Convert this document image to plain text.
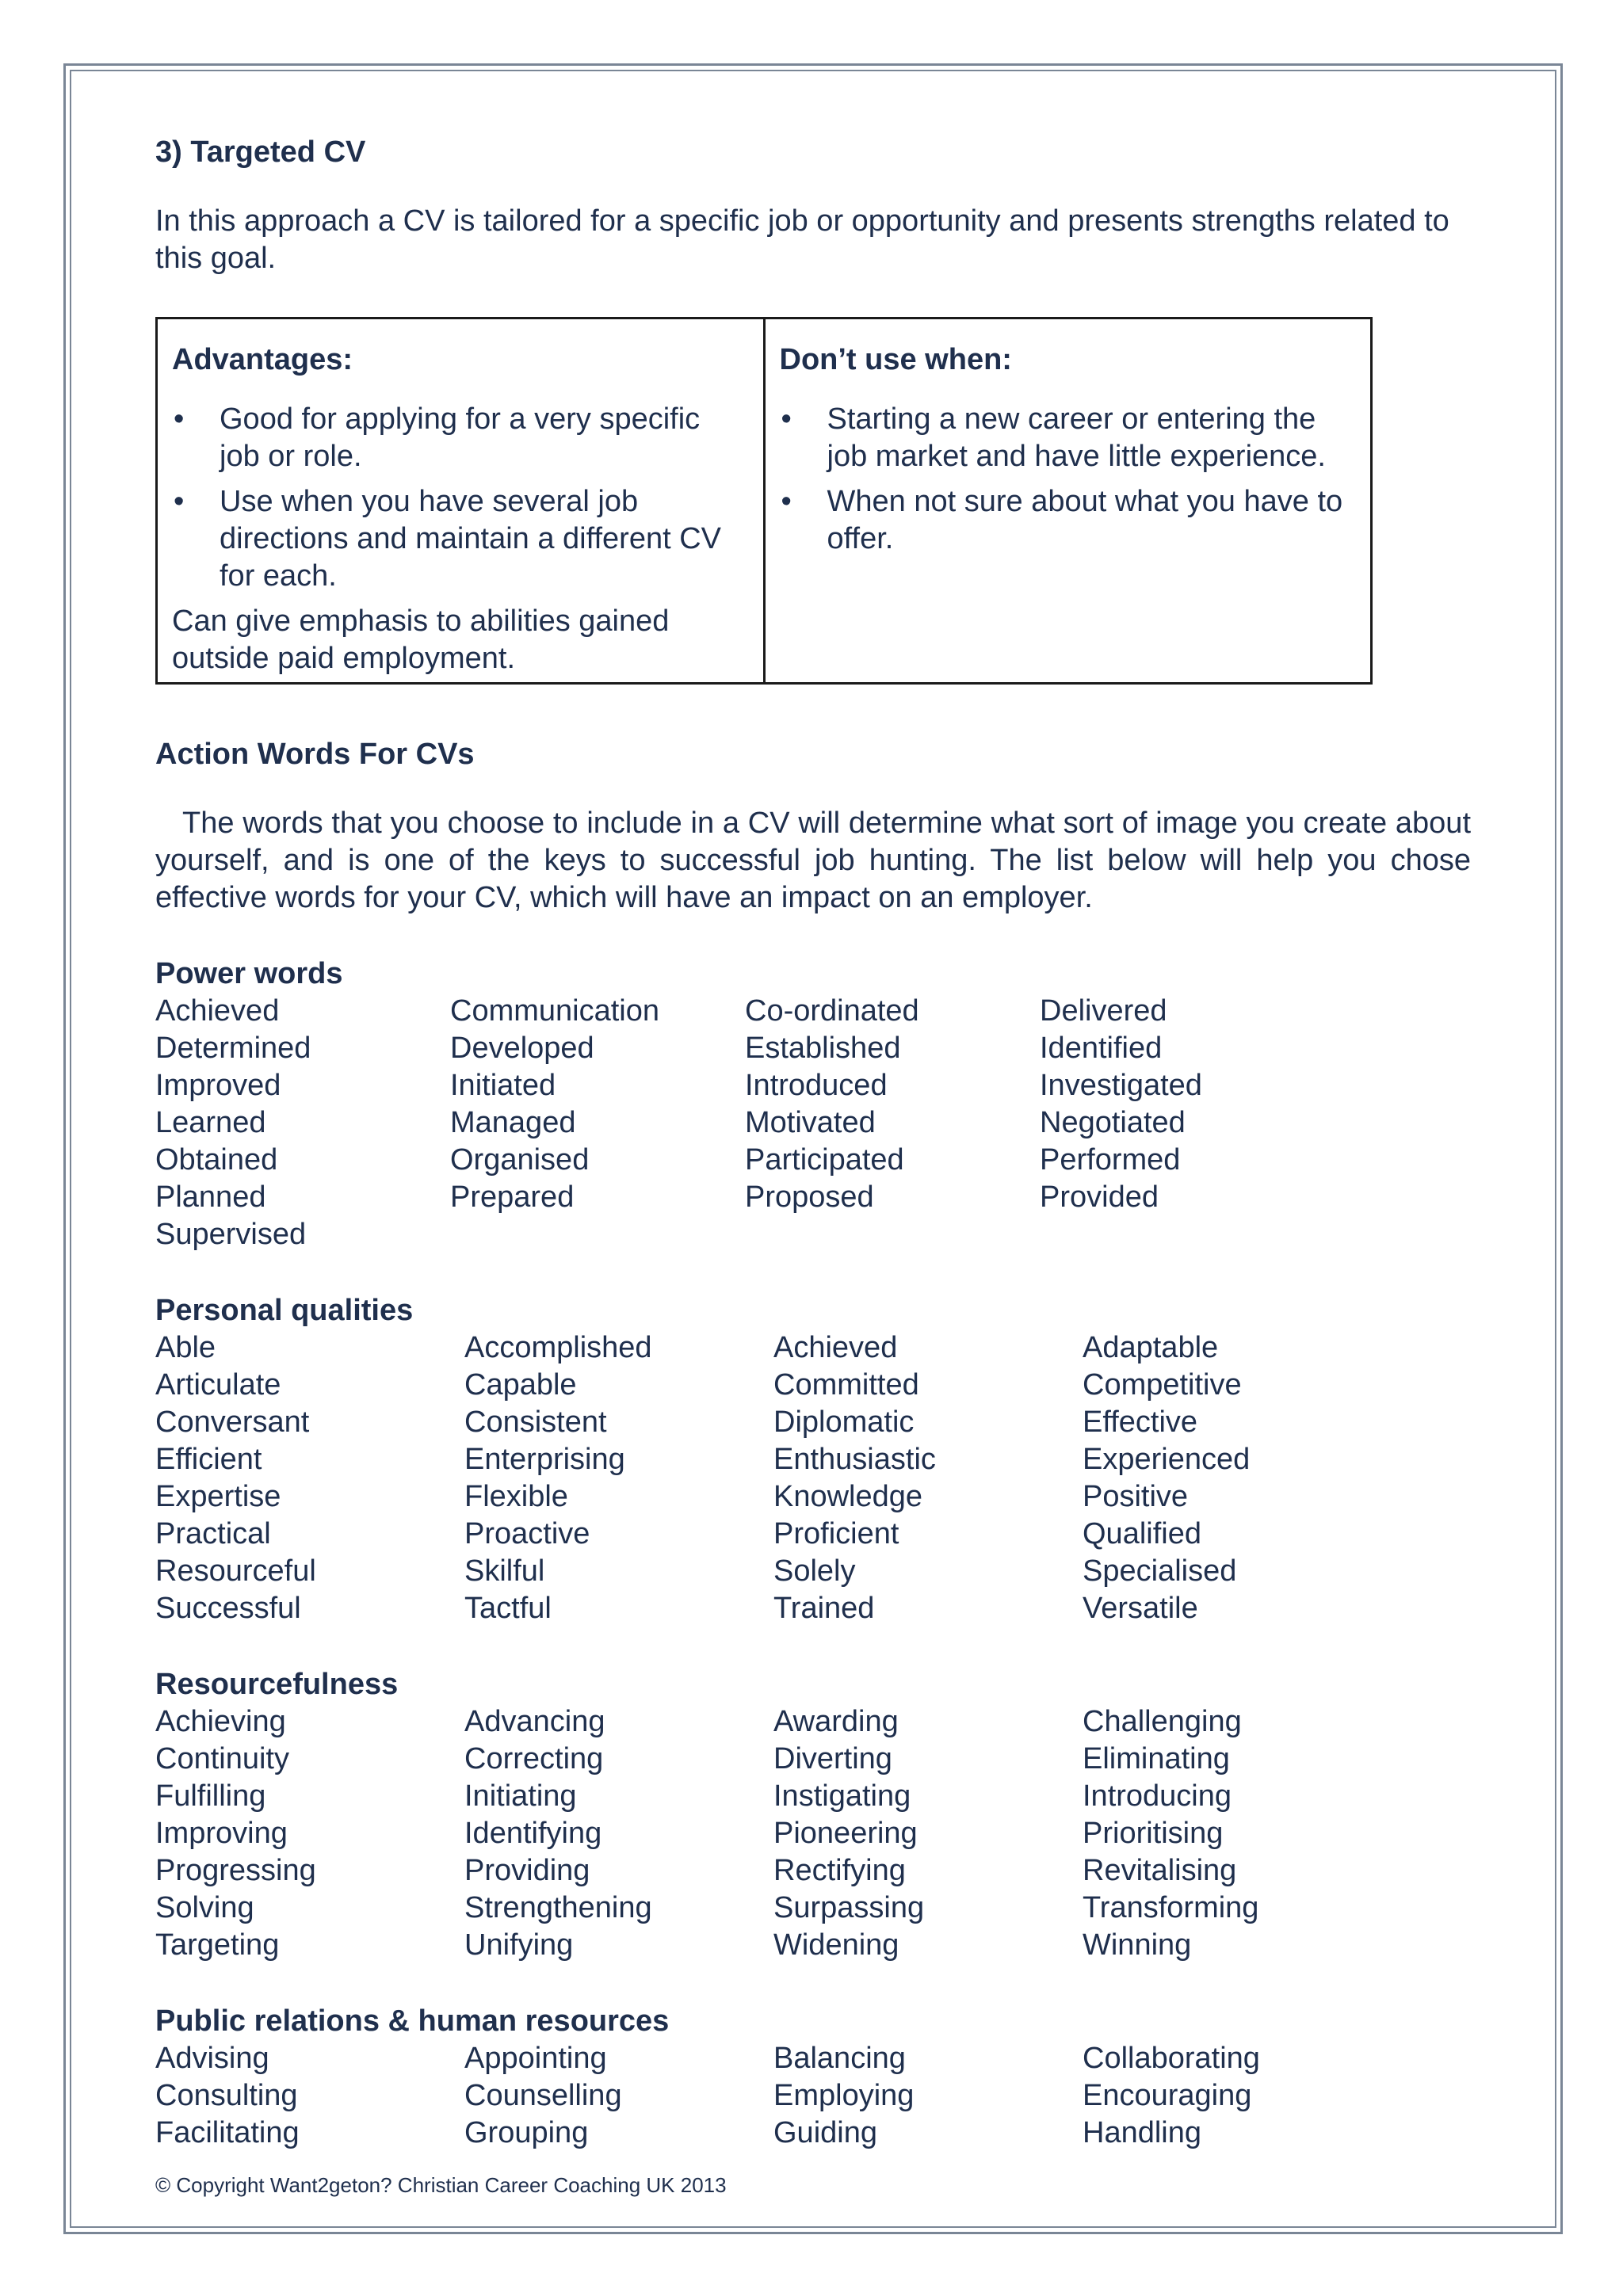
3) Targeted CV

In this approach a CV is tailored for a specific job or opportunity and presents strengths related to this goal.

Advantages:

• Good for applying for a very specific job or role.
• Use when you have several job directions and maintain a different CV for each.

Can give emphasis to abilities gained outside paid employment.

Don’t use when:

• Starting a new career or entering the job market and have little experience.
• When not sure about what you have to offer.

Action Words For CVs

The words that you choose to include in a CV will determine what sort of image you create about yourself, and is one of the keys to successful job hunting. The list below will help you chose effective words for your CV, which will have an impact on an employer.

Power words

Achieved	Communication	Co-ordinated	Delivered
Determined	Developed	Established	Identified
Improved	Initiated	Introduced	Investigated
Learned	Managed	Motivated	Negotiated
Obtained	Organised	Participated	Performed
Planned	Prepared	Proposed	Provided
Supervised

Personal qualities

Able	Accomplished	Achieved	Adaptable
Articulate	Capable	Committed	Competitive
Conversant	Consistent	Diplomatic	Effective
Efficient	Enterprising	Enthusiastic	Experienced
Expertise	Flexible	Knowledge	Positive
Practical	Proactive	Proficient	Qualified
Resourceful	Skilful	Solely	Specialised
Successful	Tactful	Trained	Versatile

Resourcefulness

Achieving	Advancing	Awarding	Challenging
Continuity	Correcting	Diverting	Eliminating
Fulfilling	Initiating	Instigating	Introducing
Improving	Identifying	Pioneering	Prioritising
Progressing	Providing	Rectifying	Revitalising
Solving	Strengthening	Surpassing	Transforming
Targeting	Unifying	Widening	Winning

Public relations & human resources

Advising	Appointing	Balancing	Collaborating
Consulting	Counselling	Employing	Encouraging
Facilitating	Grouping	Guiding	Handling
© Copyright Want2geton? Christian Career Coaching UK 2013
